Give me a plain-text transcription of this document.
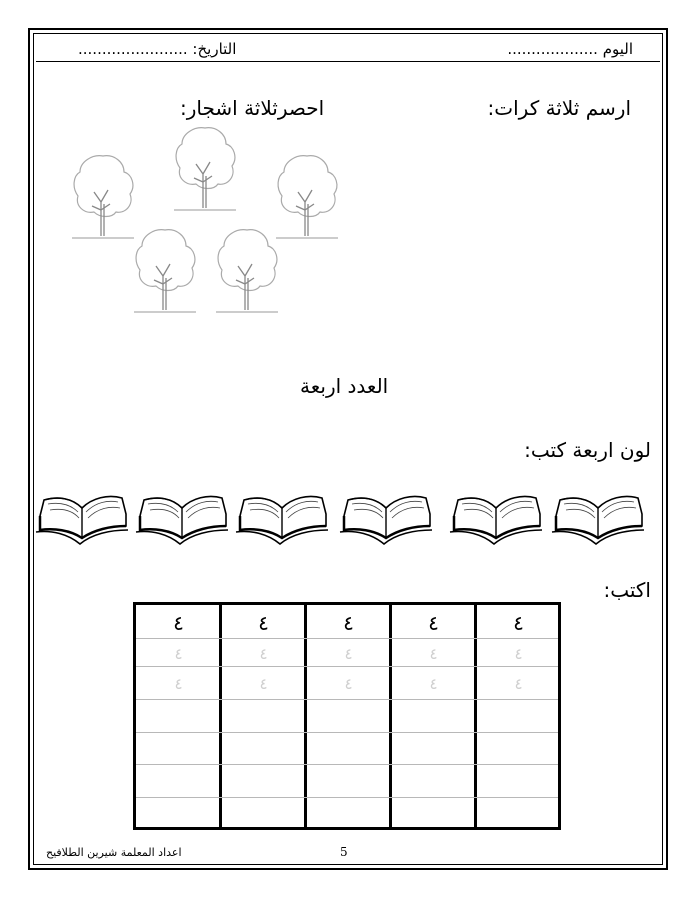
اليوم ...................
التاريخ: .......................
ارسم ثلاثة كرات:
احصرثلاثة اشجار:
العدد اربعة
لون اربعة كتب:
اكتب:
٤
٤
٤
٤
٤
٤
٤
٤
٤
٤
٤
٤
٤
٤
٤
اعداد المعلمة شيرين الطلافيح	5
